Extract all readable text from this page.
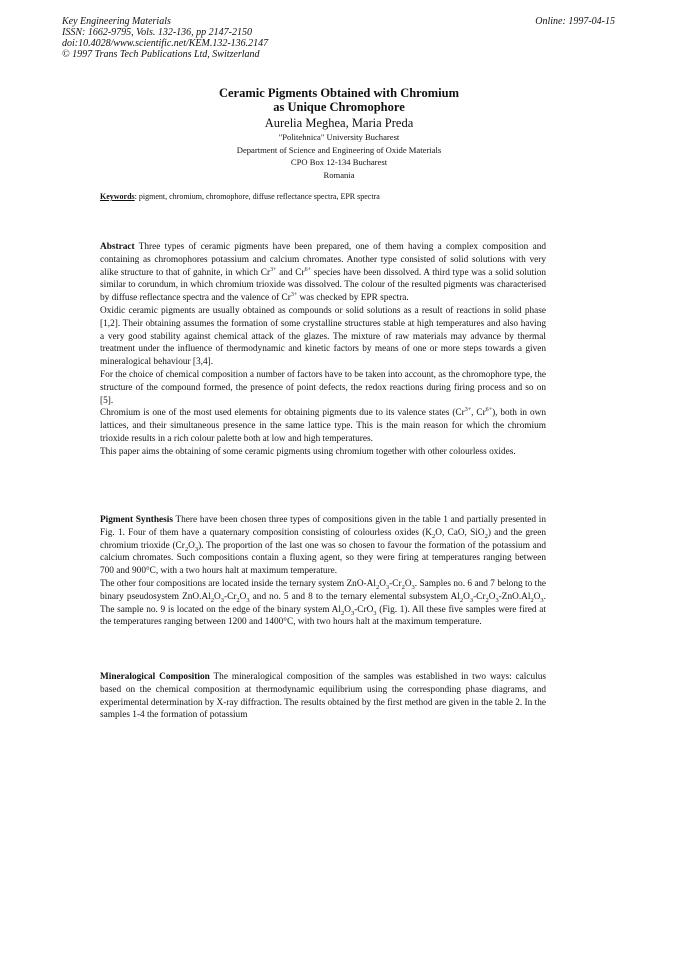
Key Engineering Materials
ISSN: 1662-9795, Vols. 132-136, pp 2147-2150
doi:10.4028/www.scientific.net/KEM.132-136.2147
© 1997 Trans Tech Publications Ltd, Switzerland
Online: 1997-04-15
Ceramic Pigments Obtained with Chromium
as Unique Chromophore
Aurelia Meghea, Maria Preda
"Politehnica" University Bucharest
Department of Science and Engineering of Oxide Materials
CPO Box 12-134 Bucharest
Romania
Keywords: pigment, chromium, chromophore, diffuse reflectance spectra, EPR spectra

Abstract Three types of ceramic pigments have been prepared, one of them having a complex composition and containing as chromophores potassium and calcium chromates. Another type consisted of solid solutions with very alike structure to that of gahnite, in which $Cr^{3+}$ and $Cr^{6+}$ species have been dissolved. A third type was a solid solution similar to corundum, in which chromium trioxide was dissolved. The colour of the resulted pigments was characterised by diffuse reflectance spectra and the valence of $Cr^{3+}$ was checked by EPR spectra.

Oxidic ceramic pigments are usually obtained as compounds or solid solutions as a result of reactions in solid phase [1,2]. Their obtaining assumes the formation of some crystalline structures stable at high temperatures and also having a very good stability against chemical attack of the glazes. The mixture of raw materials may advance by thermal treatment under the influence of thermodynamic and kinetic factors by means of one or more steps towards a given mineralogical behaviour [3,4].

For the choice of chemical composition a number of factors have to be taken into account, as the chromophore type, the structure of the compound formed, the presence of point defects, the redox reactions during firing process and so on [5].

Chromium is one of the most used elements for obtaining pigments due to its valence states ($Cr^{3+}$, $Cr^{6+}$), both in own lattices, and their simultaneous presence in the same lattice type. This is the main reason for which the chromium trioxide results in a rich colour palette both at low and high temperatures.

This paper aims the obtaining of some ceramic pigments using chromium together with other colourless oxides.

Pigment Synthesis There have been chosen three types of compositions given in the table 1 and partially presented in Fig. 1. Four of them have a quaternary composition consisting of colourless oxides ($K_2O$, CaO, SiO$_2$) and the green chromium trioxide $(Cr_2O_3)$. The proportion of the last one was so chosen to favour the formation of the potassium and calcium chromates. Such compositions contain a fluxing agent, so they were firing at temperatures ranging between 700 and 900°C, with a two hours halt at maximum temperature.

The other four compositions are located inside the ternary system ZnO-$Al_2O_3-Cr_2O_3$. Samples no. 6 and 7 belong to the binary pseudosystem $ZnO.Al_2O_3-Cr_2O_3$ and no. 5 and 8 to the ternary elemental subsystem $Al_2O_3-Cr_2O_3-ZnO.Al_2O_3$. The sample no. 9 is located on the edge of the binary system $Al_2O_3-CrO_3$ (Fig. 1). All these five samples were fired at the temperatures ranging between 1200 and 1400°C, with two hours halt at the maximum temperature.

Mineralogical Composition The mineralogical composition of the samples was established in two ways: calculus based on the chemical composition at thermodynamic equilibrium using the corresponding phase diagrams, and experimental determination by X-ray diffraction. The results obtained by the first method are given in the table 2. In the samples 1-4 the formation of potassium
